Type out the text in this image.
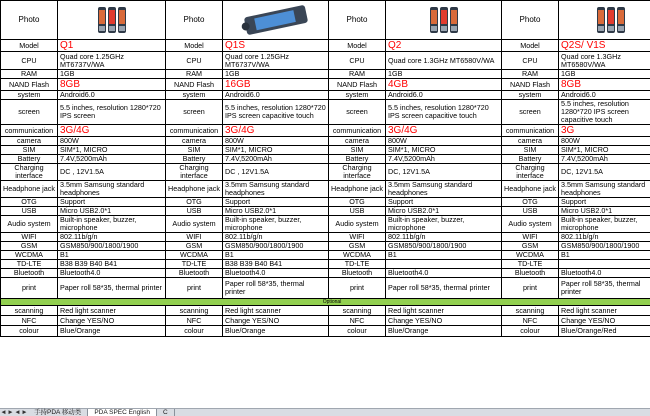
Photo		Photo		Photo		Photo	

Model	Q1	Model	Q1S	Model	Q2	Model	Q2S/ V1S
CPU	Quad core 1.25GHz MT6737V/WA	CPU	Quad core 1.25GHz MT6737V/WA	CPU	Quad core 1.3GHz MT6580V/WA	CPU	Quad core 1.3GHz MT6580V/WA
RAM	1GB	RAM	1GB	RAM	1GB	RAM	1GB
NAND Flash	8GB	NAND Flash	16GB	NAND Flash	4GB	NAND Flash	8GB
system	Android6.0	system	Android6.0	system	Android6.0	system	Android6.0
screen	5.5 inches, resolution 1280*720 IPS screen	screen	5.5 inches, resolution 1280*720 IPS screen capacitive touch	screen	5.5 inches, resolution 1280*720 IPS screen capacitive touch	screen	5.5 inches, resolution 1280*720 IPS screen capacitive touch
communication	3G/4G	communication	3G/4G	communication	3G/4G	communication	3G
camera	800W	camera	800W	camera	800W	camera	800W
SIM	SIM*1, MICRO	SIM	SIM*1, MICRO	SIM	SIM*1, MICRO	SIM	SIM*1, MICRO
Battery	7.4V,5200mAh	Battery	7.4V,5200mAh	Battery	7.4V,5200mAh	Battery	7.4V,5200mAh
Charging interface	DC , 12V1.5A	Charging interface	DC , 12V1.5A	Charging interface	DC, 12V1.5A	Charging interface	DC, 12V1.5A
Headphone jack	3.5mm Samsung standard headphones	Headphone jack	3.5mm Samsung standard headphones	Headphone jack	3.5mm Samsung standard headphones	Headphone jack	3.5mm Samsung standard headphones
OTG	Support	OTG	Support	OTG	Support	OTG	Support
USB	Micro USB2.0*1	USB	Micro USB2.0*1	USB	Micro USB2.0*1	USB	Micro USB2.0*1
Audio system	Built-in speaker, buzzer, microphone	Audio system	Built-in speaker, buzzer, microphone	Audio system	Built-in speaker, buzzer, microphone	Audio system	Built-in speaker, buzzer, microphone
WIFI	802.11b/g/n	WIFI	802.11b/g/n	WIFI	802.11b/g/n	WIFI	802.11b/g/n
GSM	GSM850/900/1800/1900	GSM	GSM850/900/1800/1900	GSM	GSM850/900/1800/1900	GSM	GSM850/900/1800/1900
WCDMA	B1	WCDMA	B1	WCDMA	B1	WCDMA	B1
TD-LTE	B38 B39 B40 B41	TD-LTE	B38 B39 B40 B41	TD-LTE		TD-LTE	
Bluetooth	Bluetooth4.0	Bluetooth	Bluetooth4.0	Bluetooth	Bluetooth4.0	Bluetooth	Bluetooth4.0
print	Paper roll 58*35, thermal printer	print	Paper roll 58*35, thermal printer	print	Paper roll 58*35, thermal printer	print	Paper roll 58*35, thermal printer
Optional							
scanning	Red light scanner	scanning	Red light scanner	scanning	Red light scanner	scanning	Red light scanner
NFC	Change YES/NO	NFC	Change YES/NO	NFC	Change YES/NO	NFC	Change YES/NO
colour	Blue/Orange	colour	Blue/Orange	colour	Blue/Orange	colour	Blue/Orange/Red
◄ ► ◄ ► 手持PDA 移动类	PDA SPEC English	C
